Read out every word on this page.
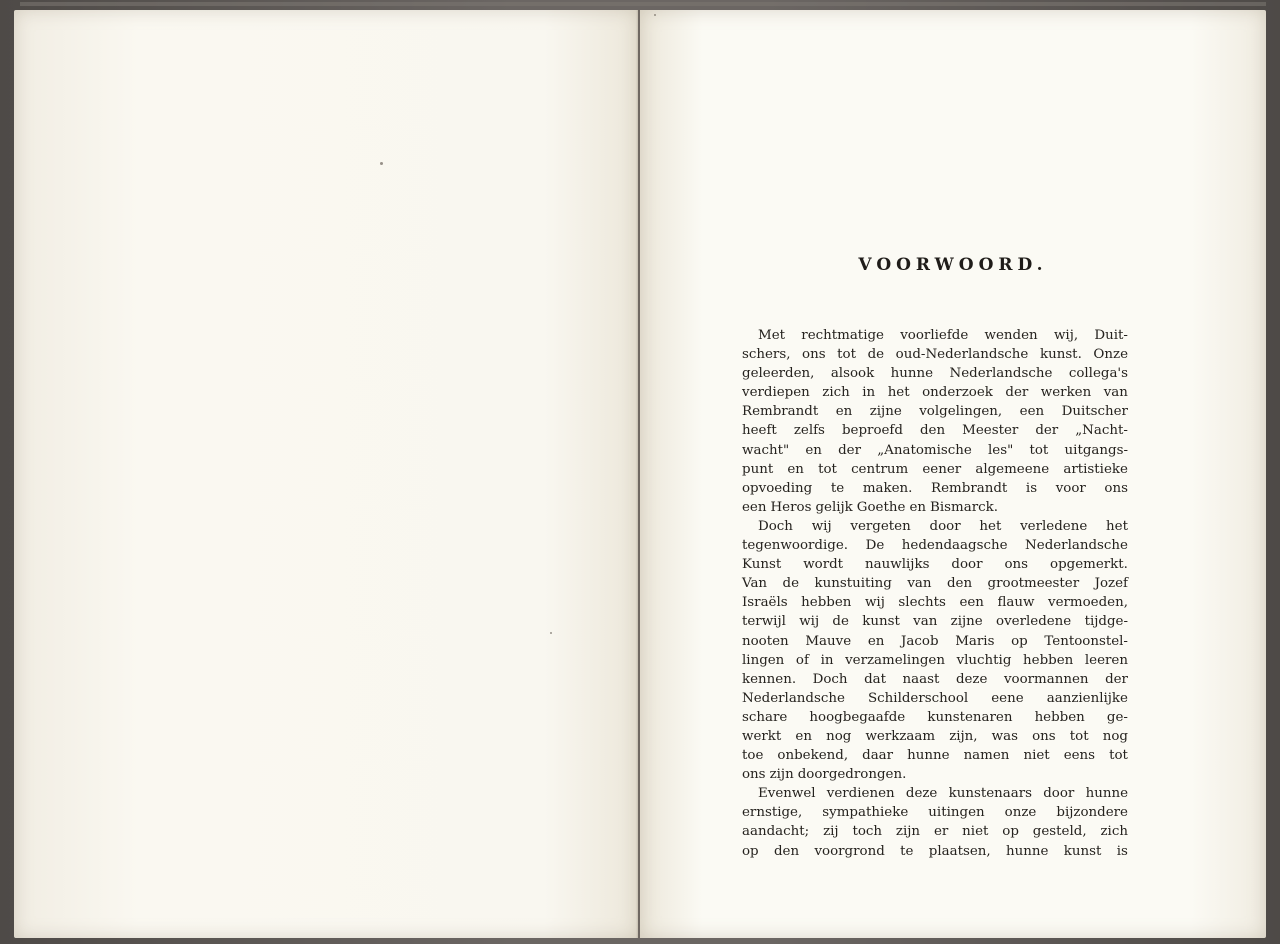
VOORWOORD.
Met rechtmatige voorliefde wenden wij, Duit-
schers, ons tot de oud-Nederlandsche kunst. Onze
geleerden, alsook hunne Nederlandsche collega's
verdiepen zich in het onderzoek der werken van
Rembrandt en zijne volgelingen, een Duitscher
heeft zelfs beproefd den Meester der „Nacht-
wacht" en der „Anatomische les" tot uitgangs-
punt en tot centrum eener algemeene artistieke
opvoeding te maken. Rembrandt is voor ons
een Heros gelijk Goethe en Bismarck.
Doch wij vergeten door het verledene het
tegenwoordige. De hedendaagsche Nederlandsche
Kunst wordt nauwlijks door ons opgemerkt.
Van de kunstuiting van den grootmeester Jozef
Israëls hebben wij slechts een flauw vermoeden,
terwijl wij de kunst van zijne overledene tijdge-
nooten Mauve en Jacob Maris op Tentoonstel-
lingen of in verzamelingen vluchtig hebben leeren
kennen. Doch dat naast deze voormannen der
Nederlandsche Schilderschool eene aanzienlijke
schare hoogbegaafde kunstenaren hebben ge-
werkt en nog werkzaam zijn, was ons tot nog
toe onbekend, daar hunne namen niet eens tot
ons zijn doorgedrongen.
Evenwel verdienen deze kunstenaars door hunne
ernstige, sympathieke uitingen onze bijzondere
aandacht; zij toch zijn er niet op gesteld, zich
op den voorgrond te plaatsen, hunne kunst is
